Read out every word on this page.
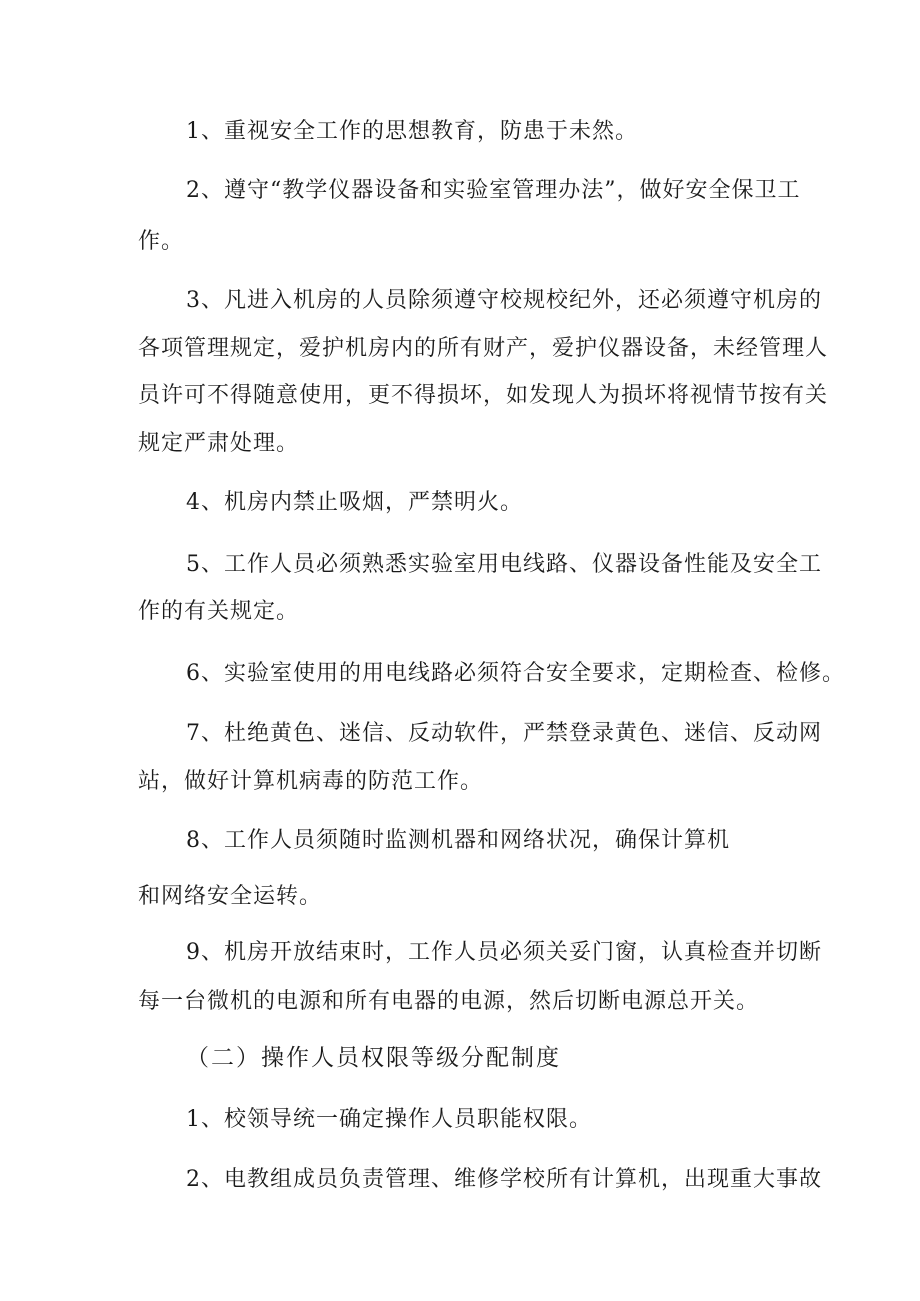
1、重视安全工作的思想教育，防患于未然。

2、遵守“教学仪器设备和实验室管理办法”，做好安全保卫工

作。

3、凡进入机房的人员除须遵守校规校纪外，还必须遵守机房的

各项管理规定，爱护机房内的所有财产，爱护仪器设备，未经管理人

员许可不得随意使用，更不得损坏，如发现人为损坏将视情节按有关

规定严肃处理。

4、机房内禁止吸烟，严禁明火。

5、工作人员必须熟悉实验室用电线路、仪器设备性能及安全工

作的有关规定。

6、实验室使用的用电线路必须符合安全要求，定期检查、检修。

7、杜绝黄色、迷信、反动软件，严禁登录黄色、迷信、反动网

站，做好计算机病毒的防范工作。

8、工作人员须随时监测机器和网络状况，确保计算机

和网络安全运转。

9、机房开放结束时，工作人员必须关妥门窗，认真检查并切断

每一台微机的电源和所有电器的电源，然后切断电源总开关。

（二）操作人员权限等级分配制度

1、校领导统一确定操作人员职能权限。

2、电教组成员负责管理、维修学校所有计算机，出现重大事故
